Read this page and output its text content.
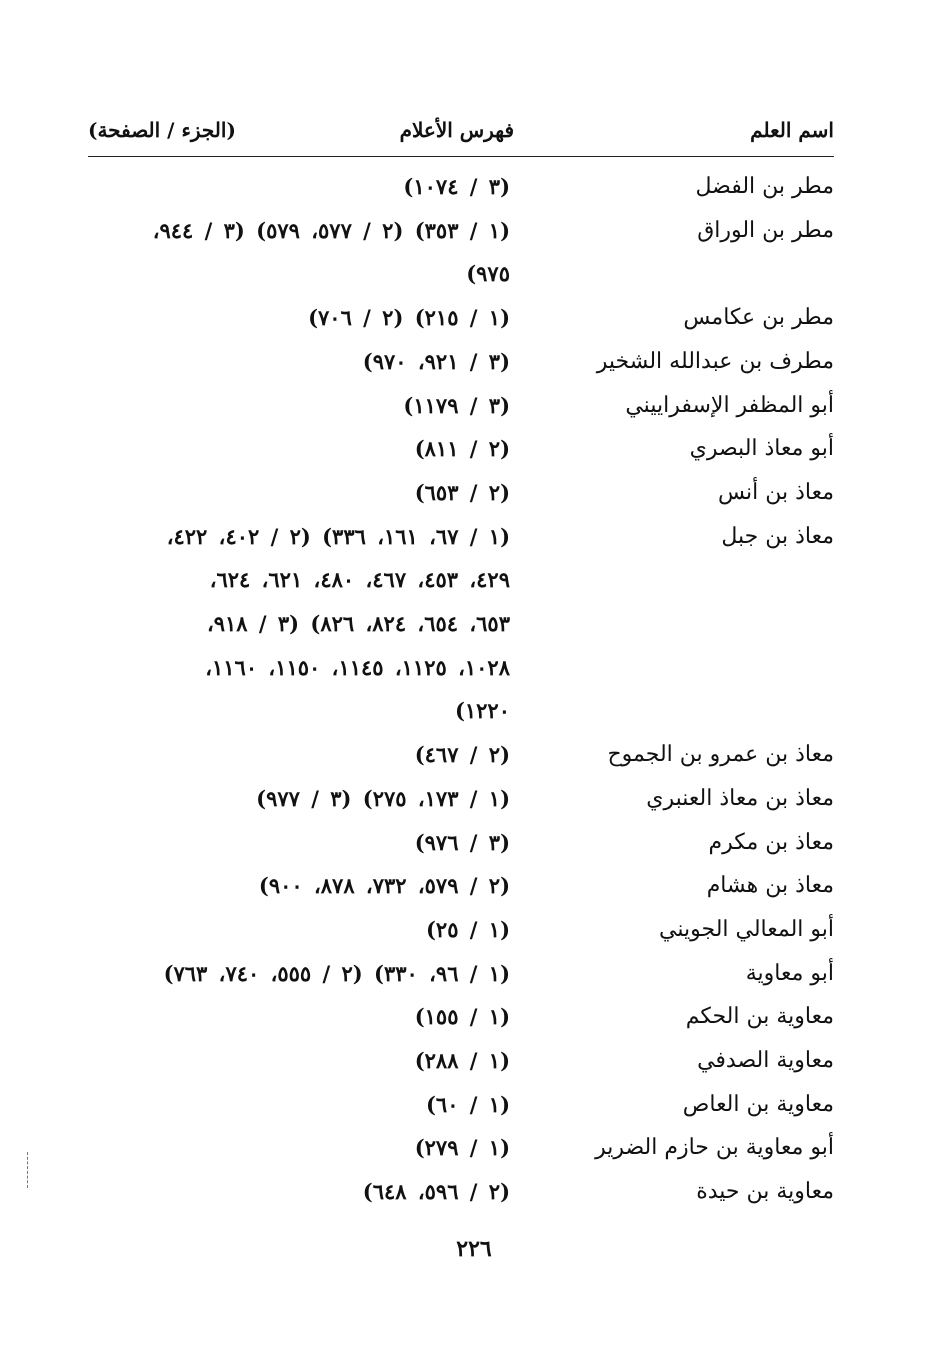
اسم العلم
فهرس الأعلام
(الجزء / الصفحة)
مطر بن الفضل
(٣ / ١٠٧٤)
مطر بن الوراق
(١ / ٣٥٣) (٢ / ٥٧٧، ٥٧٩) (٣ / ٩٤٤،
٩٧٥)
مطر بن عكامس
(١ / ٢١٥) (٢ / ٧٠٦)
مطرف بن عبدالله الشخير
(٣ / ٩٢١، ٩٧٠)
أبو المظفر الإسفراييني
(٣ / ١١٧٩)
أبو معاذ البصري
(٢ / ٨١١)
معاذ بن أنس
(٢ / ٦٥٣)
معاذ بن جبل
(١ / ٦٧، ١٦١، ٣٣٦) (٢ / ٤٠٢، ٤٢٢،
٤٢٩، ٤٥٣، ٤٦٧، ٤٨٠، ٦٢١، ٦٢٤،
٦٥٣، ٦٥٤، ٨٢٤، ٨٢٦) (٣ / ٩١٨،
١٠٢٨، ١١٢٥، ١١٤٥، ١١٥٠، ١١٦٠،
١٢٢٠)
معاذ بن عمرو بن الجموح
(٢ / ٤٦٧)
معاذ بن معاذ العنبري
(١ / ١٧٣، ٢٧٥) (٣ / ٩٧٧)
معاذ بن مكرم
(٣ / ٩٧٦)
معاذ بن هشام
(٢ / ٥٧٩، ٧٣٢، ٨٧٨، ٩٠٠)
أبو المعالي الجويني
(١ / ٢٥)
أبو معاوية
(١ / ٩٦، ٣٣٠) (٢ / ٥٥٥، ٧٤٠، ٧٦٣)
معاوية بن الحكم
(١ / ١٥٥)
معاوية الصدفي
(١ / ٢٨٨)
معاوية بن العاص
(١ / ٦٠)
أبو معاوية بن حازم الضرير
(١ / ٢٧٩)
معاوية بن حيدة
(٢ / ٥٩٦، ٦٤٨)
٢٢٦
